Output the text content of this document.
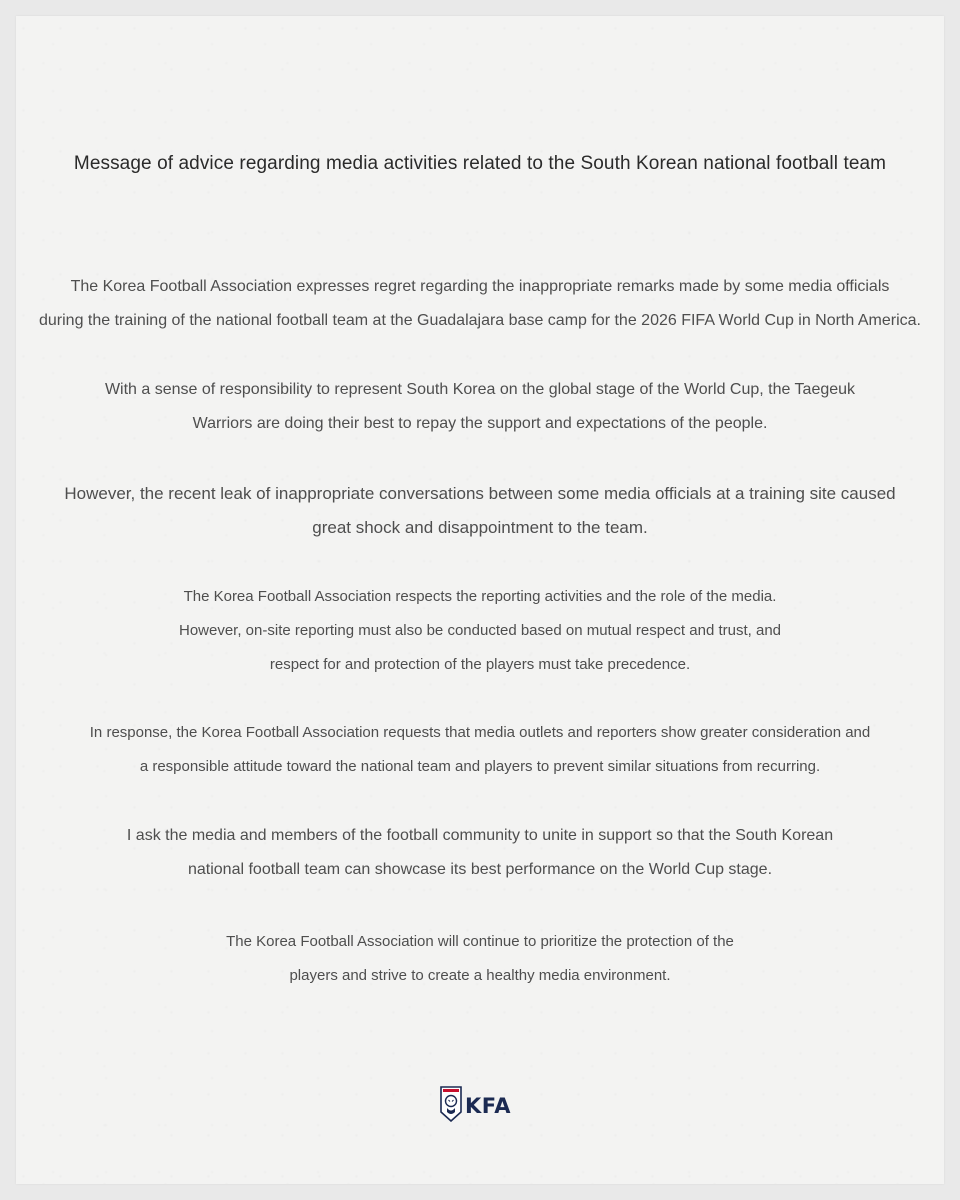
Message of advice regarding media activities related to the South Korean national football team
The Korea Football Association expresses regret regarding the inappropriate remarks made by some media officials
during the training of the national football team at the Guadalajara base camp for the 2026 FIFA World Cup in North America.
With a sense of responsibility to represent South Korea on the global stage of the World Cup, the Taegeuk
Warriors are doing their best to repay the support and expectations of the people.
However, the recent leak of inappropriate conversations between some media officials at a training site caused
great shock and disappointment to the team.
The Korea Football Association respects the reporting activities and the role of the media.
However, on-site reporting must also be conducted based on mutual respect and trust, and
respect for and protection of the players must take precedence.
In response, the Korea Football Association requests that media outlets and reporters show greater consideration and
a responsible attitude toward the national team and players to prevent similar situations from recurring.
I ask the media and members of the football community to unite in support so that the South Korean
national football team can showcase its best performance on the World Cup stage.
The Korea Football Association will continue to prioritize the protection of the
players and strive to create a healthy media environment.
KFA
